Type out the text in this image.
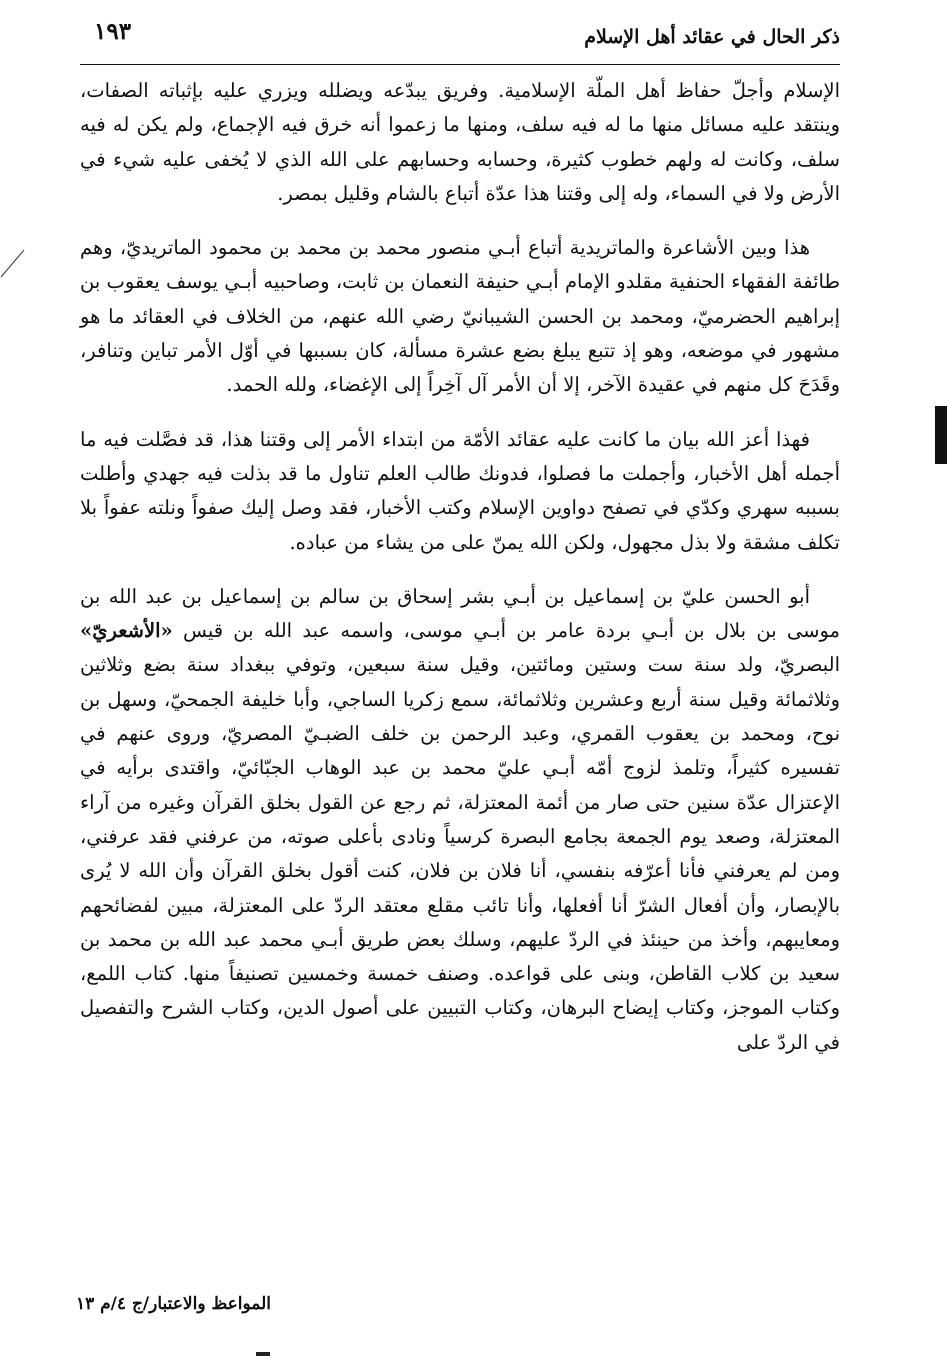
ذكر الحال في عقائد أهل الإسلام
١٩٣

الإسلام وأجلّ حفاظ أهل الملّة الإسلامية. وفريق يبدّعه ويضلله ويزري عليه بإثباته الصفات، وينتقد عليه مسائل منها ما له فيه سلف، ومنها ما زعموا أنه خرق فيه الإجماع، ولم يكن له فيه سلف، وكانت له ولهم خطوب كثيرة، وحسابه وحسابهم على الله الذي لا يُخفى عليه شيء في الأرض ولا في السماء، وله إلى وقتنا هذا عدّة أتباع بالشام وقليل بمصر.

هذا وبين الأشاعرة والماتريدية أتباع أبـي منصور محمد بن محمد بن محمود الماتريديّ، وهم طائفة الفقهاء الحنفية مقلدو الإمام أبـي حنيفة النعمان بن ثابت، وصاحبيه أبـي يوسف يعقوب بن إبراهيم الحضرميّ، ومحمد بن الحسن الشيبانيّ رضي الله عنهم، من الخلاف في العقائد ما هو مشهور في موضعه، وهو إذ تتبع يبلغ بضع عشرة مسألة، كان بسببها في أوّل الأمر تباين وتنافر، وقَدَحَ كل منهم في عقيدة الآخر، إلا أن الأمر آل آخِراً إلى الإغضاء، ولله الحمد.

فهذا أعز الله بيان ما كانت عليه عقائد الأمّة من ابتداء الأمر إلى وقتنا هذا، قد فصَّلت فيه ما أجمله أهل الأخبار، وأجملت ما فصلوا، فدونك طالب العلم تناول ما قد بذلت فيه جهدي وأطلت بسببه سهري وكدّي في تصفح دواوين الإسلام وكتب الأخبار، فقد وصل إليك صفواً ونلته عفواً بلا تكلف مشقة ولا بذل مجهول، ولكن الله يمنّ على من يشاء من عباده.

أبو الحسن عليّ بن إسماعيل بن أبـي بشر إسحاق بن سالم بن إسماعيل بن عبد الله بن موسى بن بلال بن أبـي بردة عامر بن أبـي موسى، واسمه عبد الله بن قيس «الأشعريّ» البصريّ، ولد سنة ست وستين ومائتين، وقيل سنة سبعين، وتوفي ببغداد سنة بضع وثلاثين وثلاثمائة وقيل سنة أربع وعشرين وثلاثمائة، سمع زكريا الساجي، وأبا خليفة الجمحيّ، وسهل بن نوح، ومحمد بن يعقوب القمري، وعبد الرحمن بن خلف الضبـيّ المصريّ، وروى عنهم في تفسيره كثيراً، وتلمذ لزوج أمّه أبـي عليّ محمد بن عبد الوهاب الجبّائيّ، واقتدى برأيه في الإعتزال عدّة سنين حتى صار من أئمة المعتزلة، ثم رجع عن القول بخلق القرآن وغيره من آراء المعتزلة، وصعد يوم الجمعة بجامع البصرة كرسياً ونادى بأعلى صوته، من عرفني فقد عرفني، ومن لم يعرفني فأنا أعرّفه بنفسي، أنا فلان بن فلان، كنت أقول بخلق القرآن وأن الله لا يُرى بالإبصار، وأن أفعال الشرّ أنا أفعلها، وأنا تائب مقلع معتقد الردّ على المعتزلة، مبين لفضائحهم ومعايبهم، وأخذ من حينئذ في الردّ عليهم، وسلك بعض طريق أبـي محمد عبد الله بن محمد بن سعيد بن كلاب القاطن، وبنى على قواعده. وصنف خمسة وخمسين تصنيفاً منها. كتاب اللمع، وكتاب الموجز، وكتاب إيضاح البرهان، وكتاب التبيين على أصول الدين، وكتاب الشرح والتفصيل في الردّ على

المواعظ والاعتبار/ج ٤/م ١٣
